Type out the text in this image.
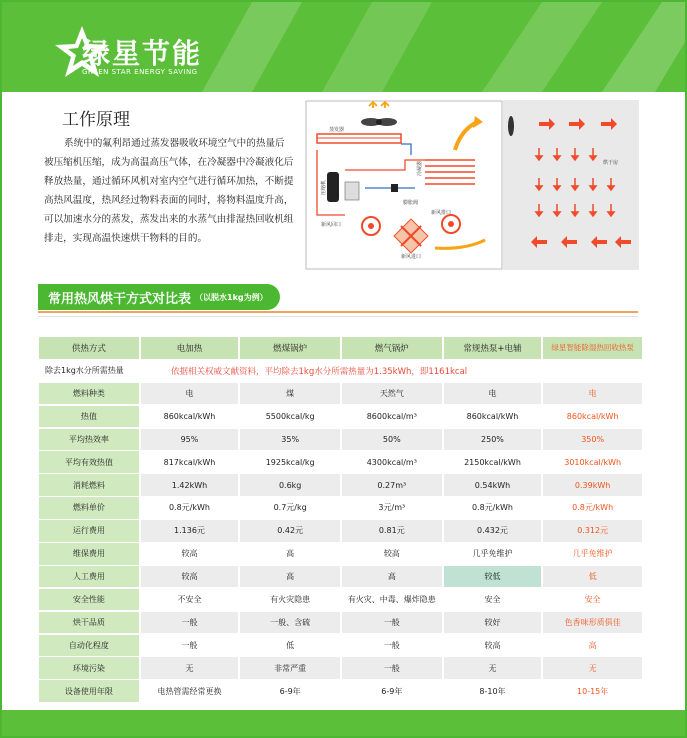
绿星节能
GREEN STAR ENERGY SAVING
工作原理
系统中的氟利昂通过蒸发器吸收环境空气中的热量后被压缩机压缩，成为高温高压气体，在冷凝器中冷凝液化后释放热量，通过循环风机对室内空气进行循环加热，不断提高热风温度，热风经过物料表面的同时，将物料温度升高，可以加速水分的蒸发，蒸发出来的水蒸气由排湿热回收机组排走，实现高温快速烘干物料的目的。
蒸发器
冷凝器
压缩机
膨胀阀
新风排口
新风回口
新风进口
烘干房
常用热风烘干方式对比表 （以脱水1kg为例）
供热方式	电加热	燃煤锅炉	燃气锅炉	常规热泵+电辅	绿星智能除湿热回收热泵
除去1kg水分所需热量	依据相关权威文献资料，平均除去1kg水分所需热量为1.35kWh，即1161kcal
燃料种类	电	煤	天然气	电	电
热值	860kcal/kWh	5500kcal/kg	8600kcal/m³	860kcal/kWh	860kcal/kWh
平均热效率	95%	35%	50%	250%	350%
平均有效热值	817kcal/kWh	1925kcal/kg	4300kcal/m³	2150kcal/kWh	3010kcal/kWh
消耗燃料	1.42kWh	0.6kg	0.27m³	0.54kWh	0.39kWh
燃料单价	0.8元/kWh	0.7元/kg	3元/m³	0.8元/kWh	0.8元/kWh
运行费用	1.136元	0.42元	0.81元	0.432元	0.312元
维保费用	较高	高	较高	几乎免维护	几乎免维护
人工费用	较高	高	高	较低	低
安全性能	不安全	有火灾隐患	有火灾、中毒、爆炸隐患	安全	安全
烘干品质	一般	一般、含硫	一般	较好	色香味形质俱佳
自动化程度	一般	低	一般	较高	高
环境污染	无	非常严重	一般	无	无
设备使用年限	电热管需经常更换	6-9年	6-9年	8-10年	10-15年
